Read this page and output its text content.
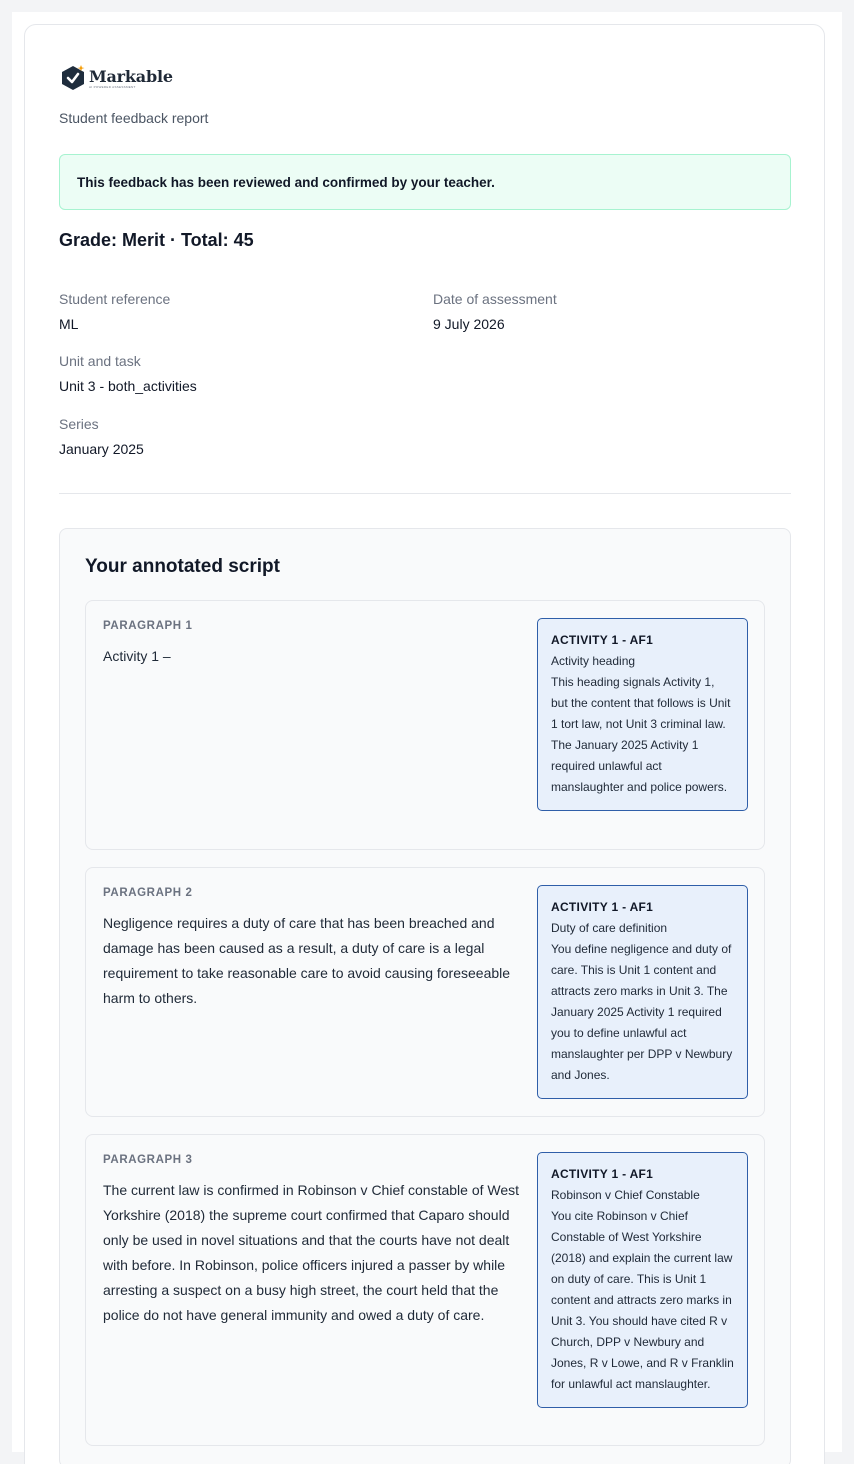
Markable
AI POWERED ASSESSMENT
Student feedback report
This feedback has been reviewed and confirmed by your teacher.
Grade: Merit · Total: 45
Student reference
ML
Date of assessment
9 July 2026
Unit and task
Unit 3 - both_activities
Series
January 2025
Your annotated script
PARAGRAPH 1
Activity 1 –
ACTIVITY 1 - AF1
Activity heading
This heading signals Activity 1, but the content that follows is Unit 1 tort law, not Unit 3 criminal law. The January 2025 Activity 1 required unlawful act manslaughter and police powers.
PARAGRAPH 2
Negligence requires a duty of care that has been breached and damage has been caused as a result, a duty of care is a legal requirement to take reasonable care to avoid causing foreseeable harm to others.
ACTIVITY 1 - AF1
Duty of care definition
You define negligence and duty of care. This is Unit 1 content and attracts zero marks in Unit 3. The January 2025 Activity 1 required you to define unlawful act manslaughter per DPP v Newbury and Jones.
PARAGRAPH 3
The current law is confirmed in Robinson v Chief constable of West Yorkshire (2018) the supreme court confirmed that Caparo should only be used in novel situations and that the courts have not dealt with before. In Robinson, police officers injured a passer by while arresting a suspect on a busy high street, the court held that the police do not have general immunity and owed a duty of care.
ACTIVITY 1 - AF1
Robinson v Chief Constable
You cite Robinson v Chief Constable of West Yorkshire (2018) and explain the current law on duty of care. This is Unit 1 content and attracts zero marks in Unit 3. You should have cited R v Church, DPP v Newbury and Jones, R v Lowe, and R v Franklin for unlawful act manslaughter.
